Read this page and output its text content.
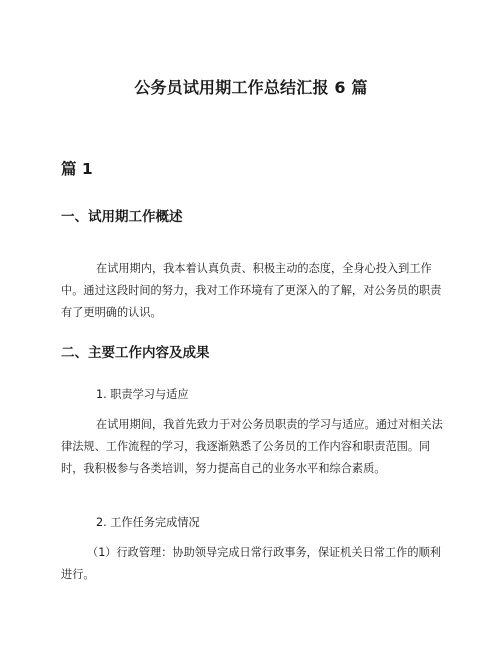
公务员试用期工作总结汇报 6 篇
篇 1
一、试用期工作概述

在试用期内，我本着认真负责、积极主动的态度，全身心投入到工作中。通过这段时间的努力，我对工作环境有了更深入的了解，对公务员的职责有了更明确的认识。

二、主要工作内容及成果
1. 职责学习与适应

在试用期间，我首先致力于对公务员职责的学习与适应。通过对相关法律法规、工作流程的学习，我逐渐熟悉了公务员的工作内容和职责范围。同时，我积极参与各类培训，努力提高自己的业务水平和综合素质。

2. 工作任务完成情况

（1）行政管理：协助领导完成日常行政事务，保证机关日常工作的顺利进行。
